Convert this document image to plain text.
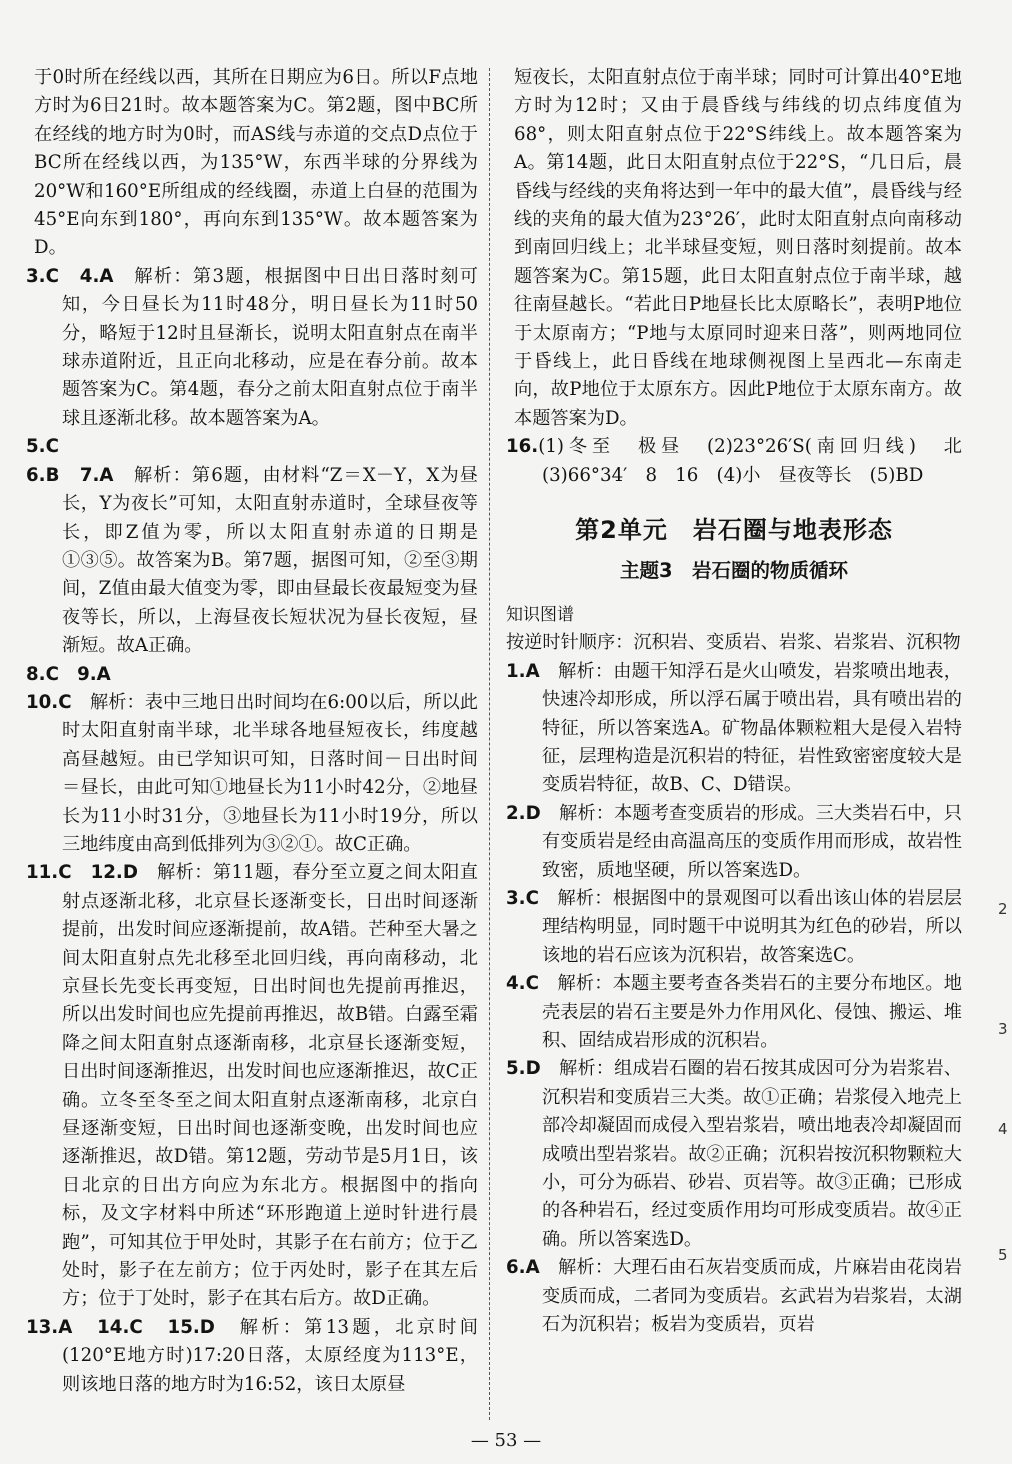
于0时所在经线以西，其所在日期应为6日。所以F点地方时为6日21时。故本题答案为C。第2题，图中BC所在经线的地方时为0时，而AS线与赤道的交点D点位于BC所在经线以西，为135°W，东西半球的分界线为20°W和160°E所组成的经线圈，赤道上白昼的范围为45°E向东到180°，再向东到135°W。故本题答案为D。

3.C　4.A　解析：第3题，根据图中日出日落时刻可知，今日昼长为11时48分，明日昼长为11时50分，略短于12时且昼渐长，说明太阳直射点在南半球赤道附近，且正向北移动，应是在春分前。故本题答案为C。第4题，春分之前太阳直射点位于南半球且逐渐北移。故本题答案为A。

5.C

6.B　7.A　解析：第6题，由材料“Z＝X－Y，X为昼长，Y为夜长”可知，太阳直射赤道时，全球昼夜等长，即Z值为零，所以太阳直射赤道的日期是①③⑤。故答案为B。第7题，据图可知，②至③期间，Z值由最大值变为零，即由昼最长夜最短变为昼夜等长，所以，上海昼夜长短状况为昼长夜短，昼渐短。故A正确。

8.C　9.A

10.C　解析：表中三地日出时间均在6:00以后，所以此时太阳直射南半球，北半球各地昼短夜长，纬度越高昼越短。由已学知识可知，日落时间－日出时间＝昼长，由此可知①地昼长为11小时42分，②地昼长为11小时31分，③地昼长为11小时19分，所以三地纬度由高到低排列为③②①。故C正确。

11.C　12.D　解析：第11题，春分至立夏之间太阳直射点逐渐北移，北京昼长逐渐变长，日出时间逐渐提前，出发时间应逐渐提前，故A错。芒种至大暑之间太阳直射点先北移至北回归线，再向南移动，北京昼长先变长再变短，日出时间也先提前再推迟，所以出发时间也应先提前再推迟，故B错。白露至霜降之间太阳直射点逐渐南移，北京昼长逐渐变短，日出时间逐渐推迟，出发时间也应逐渐推迟，故C正确。立冬至冬至之间太阳直射点逐渐南移，北京白昼逐渐变短，日出时间也逐渐变晚，出发时间也应逐渐推迟，故D错。第12题，劳动节是5月1日，该日北京的日出方向应为东北方。根据图中的指向标，及文字材料中所述“环形跑道上逆时针进行晨跑”，可知其位于甲处时，其影子在右前方；位于乙处时，影子在左前方；位于丙处时，影子在其左后方；位于丁处时，影子在其右后方。故D正确。

13.A　14.C　15.D　解析：第13题，北京时间(120°E地方时)17:20日落，太原经度为113°E，则该地日落的地方时为16:52，该日太原昼

短夜长，太阳直射点位于南半球；同时可计算出40°E地方时为12时；又由于晨昏线与纬线的切点纬度值为68°，则太阳直射点位于22°S纬线上。故本题答案为A。第14题，此日太阳直射点位于22°S，“几日后，晨昏线与经线的夹角将达到一年中的最大值”，晨昏线与经线的夹角的最大值为23°26′，此时太阳直射点向南移动到南回归线上；北半球昼变短，则日落时刻提前。故本题答案为C。第15题，此日太阳直射点位于南半球，越往南昼越长。“若此日P地昼长比太原略长”，表明P地位于太原南方；“P地与太原同时迎来日落”，则两地同位于昏线上，此日昏线在地球侧视图上呈西北—东南走向，故P地位于太原东方。因此P地位于太原东南方。故本题答案为D。

16.(1)冬至　极昼　(2)23°26′S(南回归线)　北　(3)66°34′　8　16　(4)小　昼夜等长　(5)BD

第2单元　岩石圈与地表形态
主题3　岩石圈的物质循环

知识图谱

按逆时针顺序：沉积岩、变质岩、岩浆、岩浆岩、沉积物

1.A　解析：由题干知浮石是火山喷发，岩浆喷出地表，快速冷却形成，所以浮石属于喷出岩，具有喷出岩的特征，所以答案选A。矿物晶体颗粒粗大是侵入岩特征，层理构造是沉积岩的特征，岩性致密密度较大是变质岩特征，故B、C、D错误。

2.D　解析：本题考查变质岩的形成。三大类岩石中，只有变质岩是经由高温高压的变质作用而形成，故岩性致密，质地坚硬，所以答案选D。

3.C　解析：根据图中的景观图可以看出该山体的岩层层理结构明显，同时题干中说明其为红色的砂岩，所以该地的岩石应该为沉积岩，故答案选C。

4.C　解析：本题主要考查各类岩石的主要分布地区。地壳表层的岩石主要是外力作用风化、侵蚀、搬运、堆积、固结成岩形成的沉积岩。

5.D　解析：组成岩石圈的岩石按其成因可分为岩浆岩、沉积岩和变质岩三大类。故①正确；岩浆侵入地壳上部冷却凝固而成侵入型岩浆岩，喷出地表冷却凝固而成喷出型岩浆岩。故②正确；沉积岩按沉积物颗粒大小，可分为砾岩、砂岩、页岩等。故③正确；已形成的各种岩石，经过变质作用均可形成变质岩。故④正确。所以答案选D。

6.A　解析：大理石由石灰岩变质而成，片麻岩由花岗岩变质而成，二者同为变质岩。玄武岩为岩浆岩，太湖石为沉积岩；板岩为变质岩，页岩

2
3
4
5
— 53 —
